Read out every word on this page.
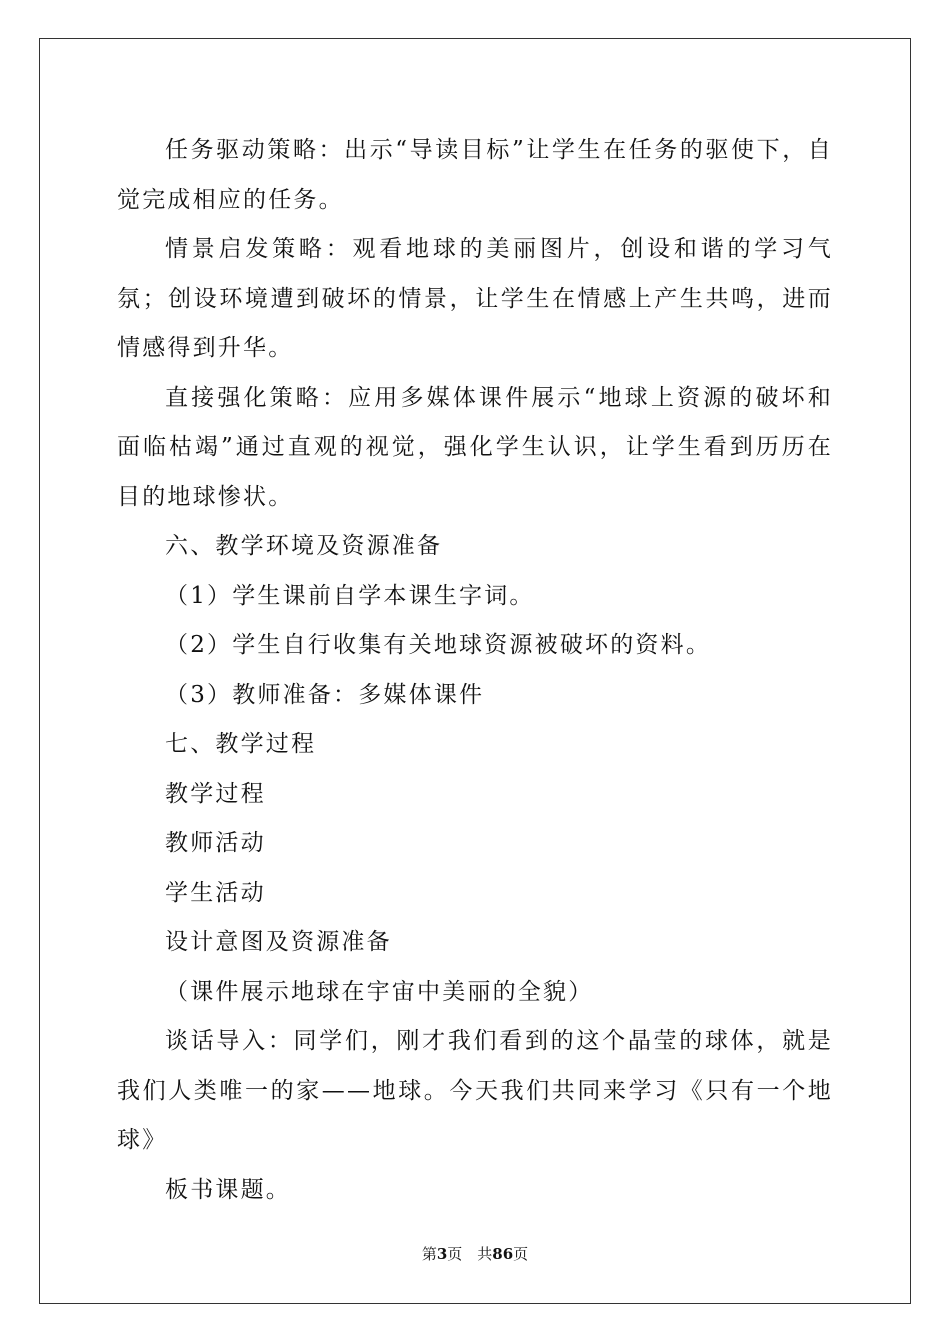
任务驱动策略：出示“导读目标”让学生在任务的驱使下，自觉完成相应的任务。

情景启发策略：观看地球的美丽图片，创设和谐的学习气氛；创设环境遭到破坏的情景，让学生在情感上产生共鸣，进而情感得到升华。

直接强化策略：应用多媒体课件展示“地球上资源的破坏和面临枯竭”通过直观的视觉，强化学生认识，让学生看到历历在目的地球惨状。

六、教学环境及资源准备

（1）学生课前自学本课生字词。

（2）学生自行收集有关地球资源被破坏的资料。

（3）教师准备：多媒体课件

七、教学过程

教学过程

教师活动

学生活动

设计意图及资源准备

（课件展示地球在宇宙中美丽的全貌）

谈话导入：同学们，刚才我们看到的这个晶莹的球体，就是我们人类唯一的家——地球。今天我们共同来学习《只有一个地球》

板书课题。

第3页　共86页
